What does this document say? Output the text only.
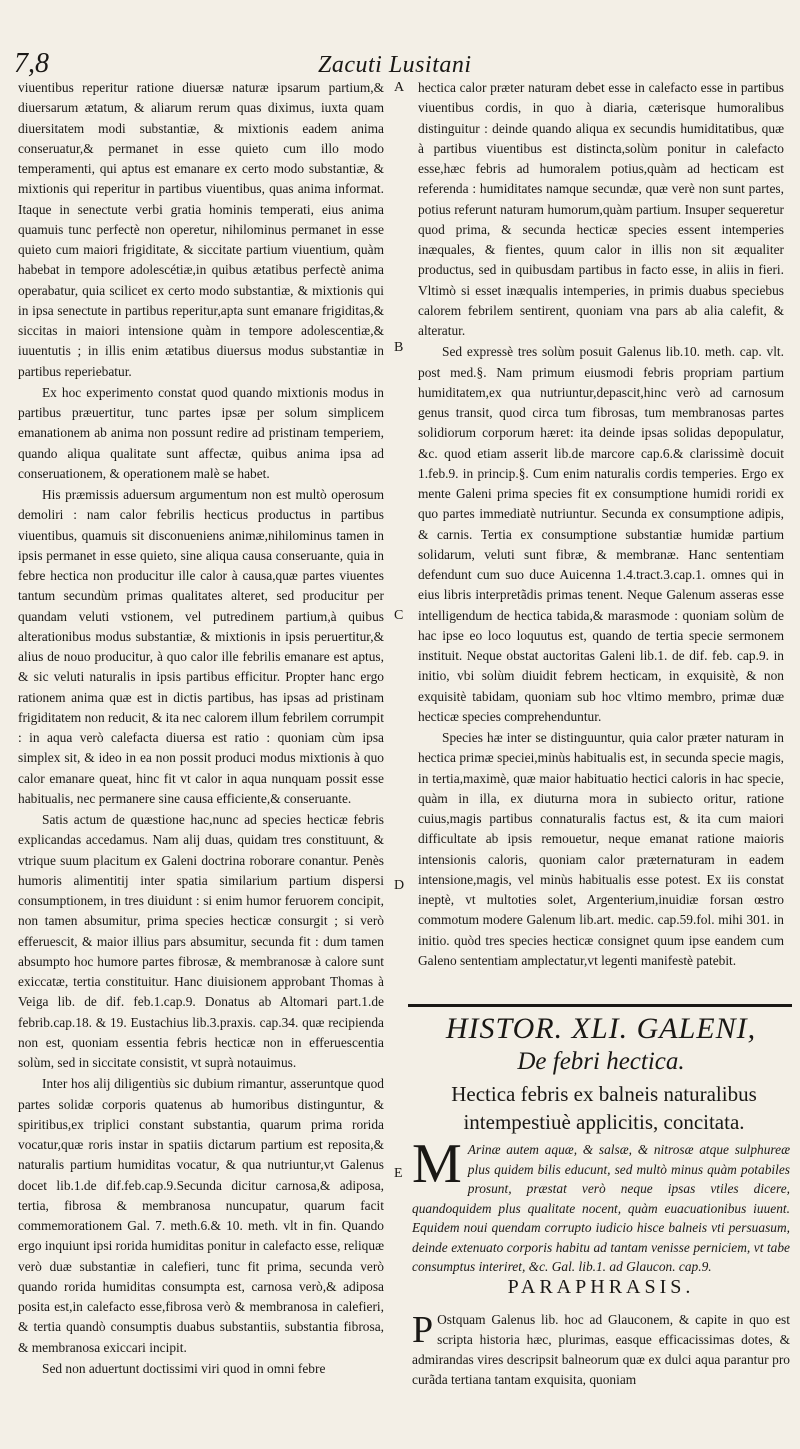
7,8	Zacuti Lusitani

viuentibus reperitur ratione diuersæ naturæ ipsarum partium,& diuersarum ætatum, & aliarum rerum quas diximus, iuxta quam diuersitatem modi substantiæ, & mixtionis eadem anima conseruatur,& permanet in esse quieto cum illo modo temperamenti, qui aptus est emanare ex certo modo substantiæ, & mixtionis qui reperitur in partibus viuentibus, quas anima informat. Itaque in senectute verbi gratia hominis temperati, eius anima quamuis tunc perfectè non operetur, nihilominus permanet in esse quieto cum maiori frigiditate, & siccitate partium viuentium, quàm habebat in tempore adolescétiæ,in quibus ætatibus perfectè anima operabatur, quia scilicet ex certo modo substantiæ, & mixtionis qui in ipsa senectute in partibus reperitur,apta sunt emanare frigiditas,& siccitas in maiori intensione quàm in tempore adolescentiæ,& iuuentutis ; in illis enim ætatibus diuersus modus substantiæ in partibus reperiebatur.

Ex hoc experimento constat quod quando mixtionis modus in partibus præuertitur, tunc partes ipsæ per solum simplicem emanationem ab anima non possunt redire ad pristinam temperiem, quando aliqua qualitate sunt affectæ, quibus anima ipsa ad conseruationem, & operationem malè se habet.

His præmissis aduersum argumentum non est multò operosum demoliri : nam calor febrilis hecticus productus in partibus viuentibus, quamuis sit disconueniens animæ,nihilominus tamen in ipsis permanet in esse quieto, sine aliqua causa conseruante, quia in febre hectica non producitur ille calor à causa,quæ partes viuentes tantum secundùm primas qualitates alteret, sed producitur per quandam veluti vstionem, vel putredinem partium,à quibus alterationibus modus substantiæ, & mixtionis in ipsis peruertitur,& alius de nouo producitur, à quo calor ille febrilis emanare est aptus, & sic veluti naturalis in ipsis partibus efficitur. Propter hanc ergo rationem anima quæ est in dictis partibus, has ipsas ad pristinam frigiditatem non reducit, & ita nec calorem illum febrilem corrumpit : in aqua verò calefacta diuersa est ratio : quoniam cùm ipsa simplex sit, & ideo in ea non possit produci modus mixtionis à quo calor emanare queat, hinc fit vt calor in aqua nunquam possit esse habitualis, nec permanere sine causa efficiente,& conseruante.

Satis actum de quæstione hac,nunc ad species hecticæ febris explicandas accedamus. Nam alij duas, quidam tres constituunt, & vtrique suum placitum ex Galeni doctrina roborare conantur. Penès humoris alimentitij inter spatia similarium partium dispersi consumptionem, in tres diuidunt : si enim humor feruorem concipit, non tamen absumitur, prima species hecticæ consurgit ; si verò efferuescit, & maior illius pars absumitur, secunda fit : dum tamen absumpto hoc humore partes fibrosæ, & membranosæ à calore sunt exiccatæ, tertia constituitur. Hanc diuisionem approbant Thomas à Veiga lib. de dif. feb.1.cap.9. Donatus ab Altomari part.1.de febrib.cap.18. & 19. Eustachius lib.3.praxis. cap.34. quæ recipienda non est, quoniam essentia febris hecticæ non in efferuescentia solùm, sed in siccitate consistit, vt suprà notauimus.

Inter hos alij diligentiùs sic dubium rimantur, asseruntque quod partes solidæ corporis quatenus ab humoribus distinguntur, & spiritibus,ex triplici constant substantia, quarum prima rorida vocatur,quæ roris instar in spatiis dictarum partium est reposita,& naturalis partium humiditas vocatur, & qua nutriuntur,vt Galenus docet lib.1.de dif.feb.cap.9.Secunda dicitur carnosa,& adiposa, tertia, fibrosa & membranosa nuncupatur, quarum facit commemorationem Gal. 7. meth.6.& 10. meth. vlt in fin. Quando ergo inquiunt ipsi rorida humiditas ponitur in calefacto esse, reliquæ verò duæ substantiæ in calefieri, tunc fit prima, secunda verò quando rorida humiditas consumpta est, carnosa verò,& adiposa posita est,in calefacto esse,fibrosa verò & membranosa in calefieri, & tertia quandò consumptis duabus substantiis, substantia fibrosa, & membranosa exiccari incipit.

Sed non aduertunt doctissimi viri quod in omni febre

A
B
C
D
E

hectica calor præter naturam debet esse in calefacto esse in partibus viuentibus cordis, in quo à diaria, cæterisque humoralibus distinguitur : deinde quando aliqua ex secundis humiditatibus, quæ à partibus viuentibus est distincta,solùm ponitur in calefacto esse,hæc febris ad humoralem potius,quàm ad hecticam est referenda : humiditates namque secundæ, quæ verè non sunt partes, potius referunt naturam humorum,quàm partium. Insuper sequeretur quod prima, & secunda hecticæ species essent intemperies inæquales, & fientes, quum calor in illis non sit æqualiter productus, sed in quibusdam partibus in facto esse, in aliis in fieri. Vltimò si esset inæqualis intemperies, in primis duabus speciebus calorem febrilem sentirent, quoniam vna pars ab alia calefit, & alteratur.

Sed expressè tres solùm posuit Galenus lib.10. meth. cap. vlt. post med.§. Nam primum eiusmodi febris propriam partium humiditatem,ex qua nutriuntur,depascit,hinc verò ad carnosum genus transit, quod circa tum fibrosas, tum membranosas partes solidiorum corporum hæret: ita deinde ipsas solidas depopulatur, &c. quod etiam asserit lib.de marcore cap.6.& clarissimè docuit 1.feb.9. in princip.§. Cum enim naturalis cordis temperies. Ergo ex mente Galeni prima species fit ex consumptione humidi roridi ex quo partes immediatè nutriuntur. Secunda ex consumptione adipis, & carnis. Tertia ex consumptione substantiæ humidæ partium solidarum, veluti sunt fibræ, & membranæ. Hanc sententiam defendunt cum suo duce Auicenna 1.4.tract.3.cap.1. omnes qui in eius libris interpretãdis primas tenent. Neque Galenum asseras esse intelligendum de hectica tabida,& marasmode : quoniam solùm de hac ipse eo loco loquutus est, quando de tertia specie sermonem instituit. Neque obstat auctoritas Galeni lib.1. de dif. feb. cap.9. in initio, vbi solùm diuidit febrem hecticam, in exquisitè, & non exquisitè tabidam, quoniam sub hoc vltimo membro, primæ duæ hecticæ species comprehenduntur.

Species hæ inter se distinguuntur, quia calor præter naturam in hectica primæ speciei,minùs habitualis est, in secunda specie magis, in tertia,maximè, quæ maior habituatio hectici caloris in hac specie, quàm in illa, ex diuturna mora in subiecto oritur, ratione cuius,magis partibus connaturalis factus est, & ita cum maiori difficultate ab ipsis remouetur, neque emanat ratione maioris intensionis caloris, quoniam calor præternaturam in eadem intensione,magis, vel minùs habitualis esse potest. Ex iis constat ineptè, vt multoties solet, Argenterium,inuidiæ forsan œstro commotum modere Galenum lib.art. medic. cap.59.fol. mihi 301. in initio. quòd tres species hecticæ consignet quum ipse eandem cum Galeno sententiam amplectatur,vt legenti manifestè patebit.

HISTOR. XLI. GALENI,
De febri hectica.
Hectica febris ex balneis naturalibus intempestiuè applicitis, concitata.
M Arinæ autem aquæ, & salsæ, & nitrosæ atque sulphureæ plus quidem bilis educunt, sed multò minus quàm potabiles prosunt, præstat verò neque ipsas vtiles dicere, quandoquidem plus qualitate nocent, quàm euacuationibus iuuent. Equidem noui quendam corrupto iudicio hisce balneis vti persuasum, deinde extenuato corporis habitu ad tantam venisse perniciem, vt tabe consumptus interiret, &c. Gal. lib.1. ad Glaucon. cap.9.
PARAPHRASIS.
P Ostquam Galenus lib. hoc ad Glauconem, & capite in quo est scripta historia hæc, plurimas, easque efficacissimas dotes, & admirandas vires descripsit balneorum quæ ex dulci aqua parantur pro curãda tertiana tantam exquisita, quoniam
